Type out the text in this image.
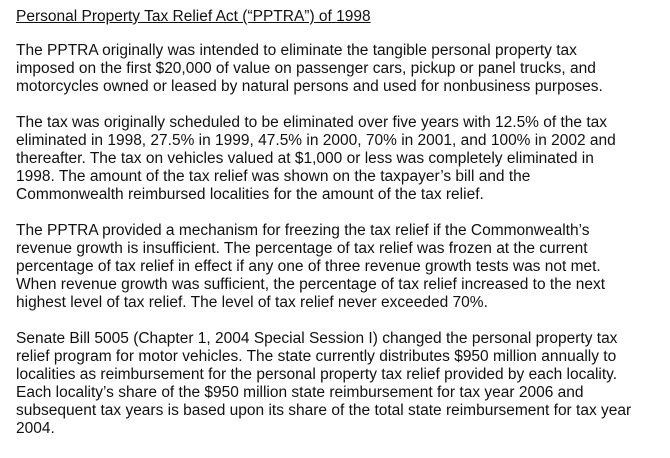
Personal Property Tax Relief Act (“PPTRA”) of 1998
The PPTRA originally was intended to eliminate the tangible personal property tax
imposed on the first $20,000 of value on passenger cars, pickup or panel trucks, and
motorcycles owned or leased by natural persons and used for nonbusiness purposes.
The tax was originally scheduled to be eliminated over five years with 12.5% of the tax
eliminated in 1998, 27.5% in 1999, 47.5% in 2000, 70% in 2001, and 100% in 2002 and
thereafter. The tax on vehicles valued at $1,000 or less was completely eliminated in
1998. The amount of the tax relief was shown on the taxpayer’s bill and the
Commonwealth reimbursed localities for the amount of the tax relief.
The PPTRA provided a mechanism for freezing the tax relief if the Commonwealth’s
revenue growth is insufficient. The percentage of tax relief was frozen at the current
percentage of tax relief in effect if any one of three revenue growth tests was not met.
When revenue growth was sufficient, the percentage of tax relief increased to the next
highest level of tax relief. The level of tax relief never exceeded 70%.
Senate Bill 5005 (Chapter 1, 2004 Special Session I) changed the personal property tax
relief program for motor vehicles. The state currently distributes $950 million annually to
localities as reimbursement for the personal property tax relief provided by each locality.
Each locality’s share of the $950 million state reimbursement for tax year 2006 and
subsequent tax years is based upon its share of the total state reimbursement for tax year
2004.
